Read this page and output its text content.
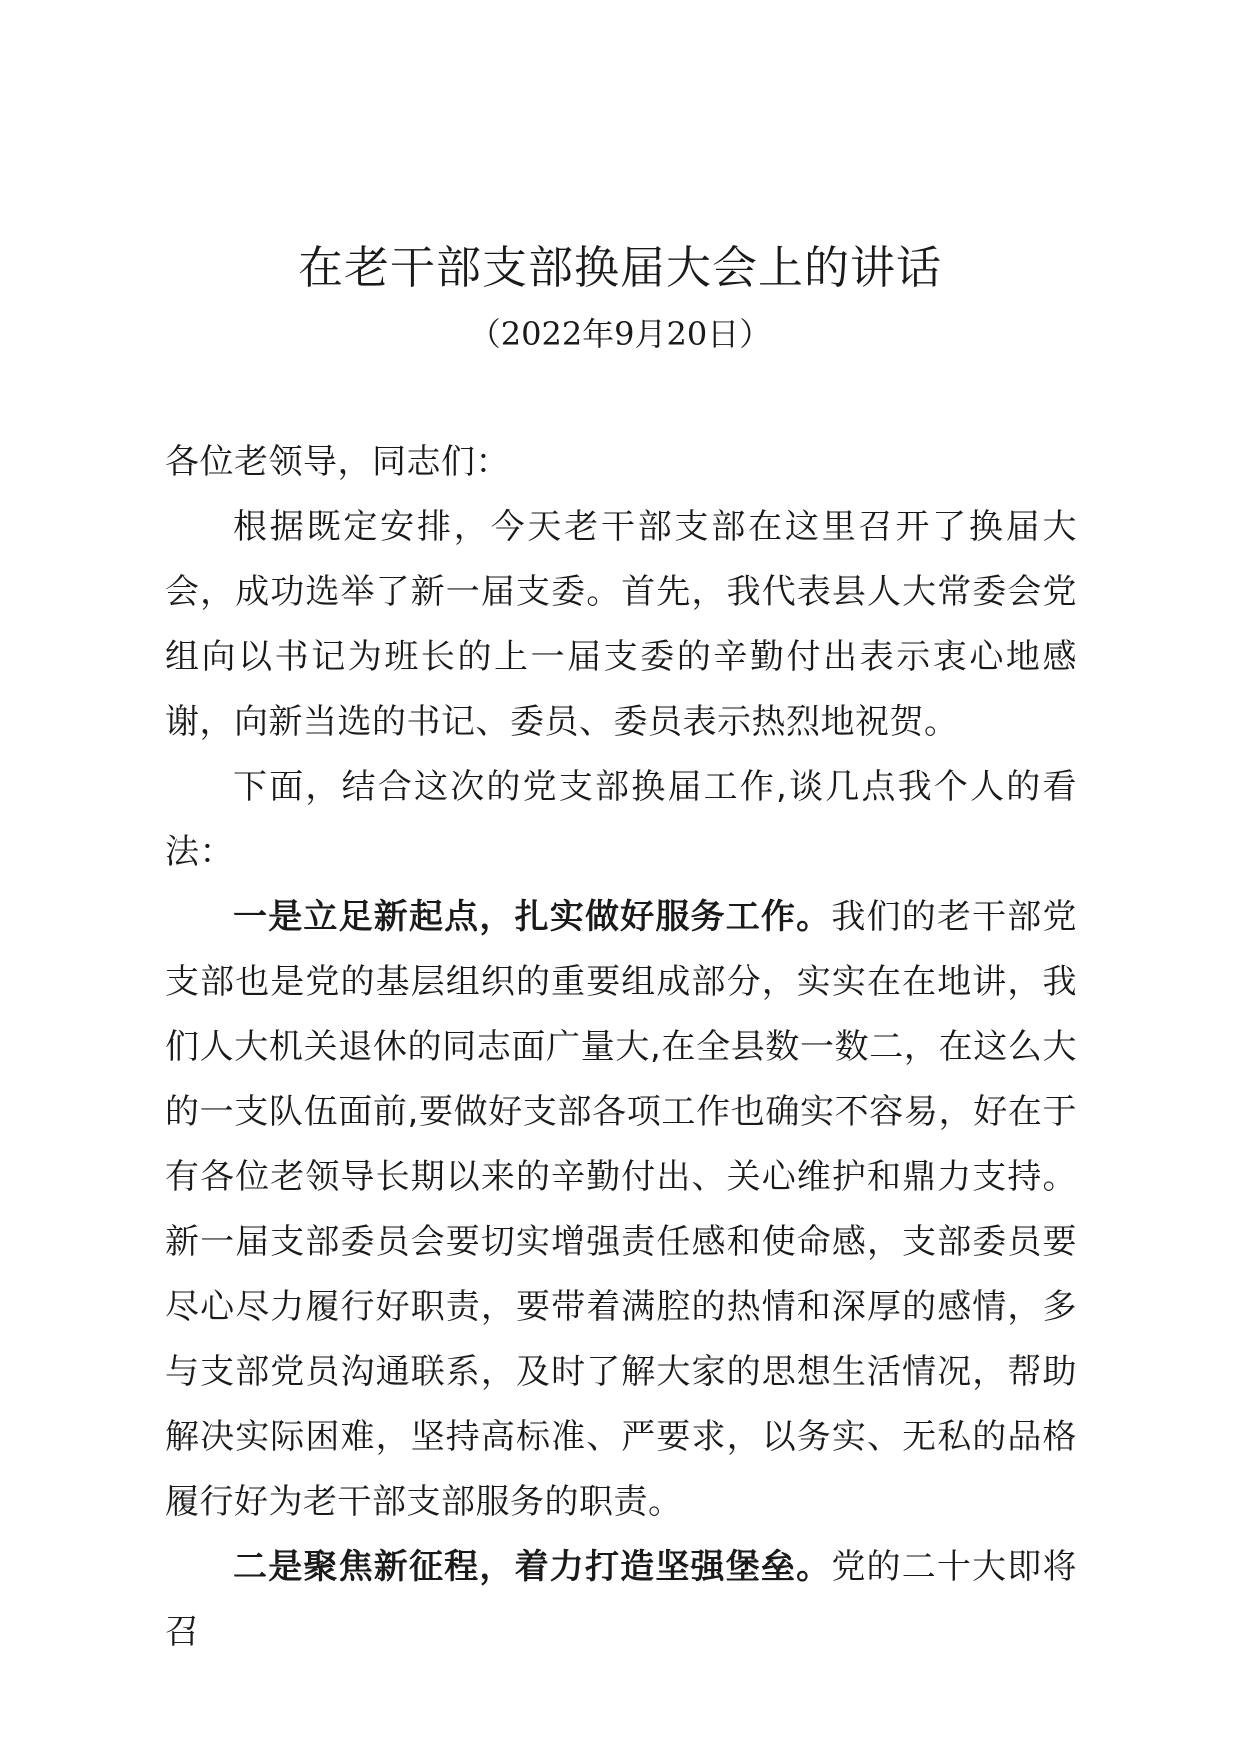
在老干部支部换届大会上的讲话
（2022年9月20日）

各位老领导，同志们：

根据既定安排，今天老干部支部在这里召开了换届大会，成功选举了新一届支委。首先，我代表县人大常委会党组向以书记为班长的上一届支委的辛勤付出表示衷心地感谢，向新当选的书记、委员、委员表示热烈地祝贺。

下面，结合这次的党支部换届工作,谈几点我个人的看法：

一是立足新起点，扎实做好服务工作。我们的老干部党支部也是党的基层组织的重要组成部分，实实在在地讲，我们人大机关退休的同志面广量大,在全县数一数二，在这么大的一支队伍面前,要做好支部各项工作也确实不容易，好在于有各位老领导长期以来的辛勤付出、关心维护和鼎力支持。新一届支部委员会要切实增强责任感和使命感，支部委员要尽心尽力履行好职责，要带着满腔的热情和深厚的感情，多与支部党员沟通联系，及时了解大家的思想生活情况，帮助解决实际困难，坚持高标准、严要求，以务实、无私的品格履行好为老干部支部服务的职责。

二是聚焦新征程，着力打造坚强堡垒。党的二十大即将召
